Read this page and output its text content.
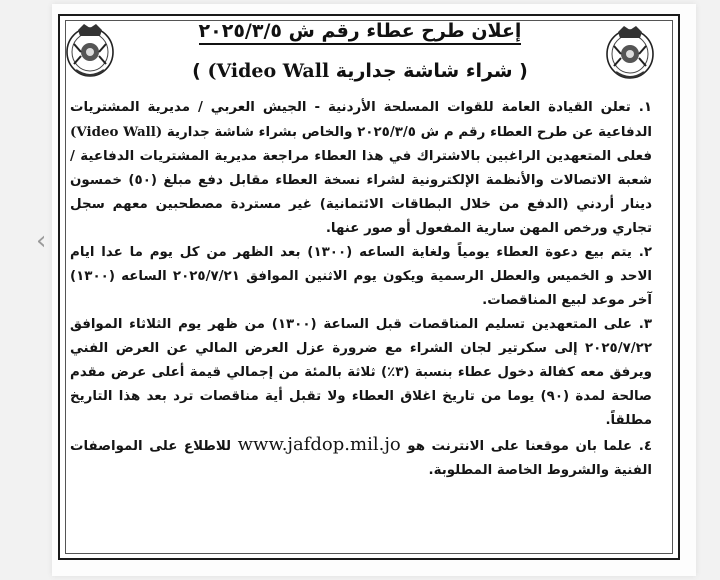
إعلان طرح عطاء رقم ش ٢٠٢٥/٣/٥
( شراء شاشة جدارية (Video Wall )

١. تعلن القيادة العامة للقوات المسلحة الأردنية - الجيش العربي / مديرية المشتريات الدفاعية عن طرح العطاء رقم م ش ٢٠٢٥/٣/٥ والخاص بشراء شاشة جدارية (Video Wall) فعلى المتعهدين الراغبين بالاشتراك في هذا العطاء مراجعة مديرية المشتريات الدفاعية / شعبة الاتصالات والأنظمة الإلكترونية لشراء نسخة العطاء مقابل دفع مبلغ (٥٠) خمسون دينار أردني (الدفع من خلال البطاقات الائتمانية) غير مستردة مصطحبين معهم سجل تجاري ورخص المهن سارية المفعول أو صور عنها.

٢. يتم بيع دعوة العطاء يومياً ولغاية الساعه (١٣٠٠) بعد الظهر من كل يوم ما عدا ايام الاحد و الخميس والعطل الرسمية ويكون يوم الاثنين الموافق ٢٠٢٥/٧/٢١ الساعه (١٣٠٠) آخر موعد لبيع المناقصات.

٣. على المتعهدين تسليم المناقصات قبل الساعة (١٣٠٠) من ظهر يوم الثلاثاء الموافق ٢٠٢٥/٧/٢٢ إلى سكرتير لجان الشراء مع ضرورة عزل العرض المالي عن العرض الفني ويرفق معه كفالة دخول عطاء بنسبة (٣٪) ثلاثة بالمئة من إجمالي قيمة أعلى عرض مقدم صالحة لمدة (٩٠) يوما من تاريخ اغلاق العطاء ولا تقبل أية مناقصات ترد بعد هذا التاريخ مطلقاً.

٤. علما بان موقعنا على الانترنت هو www.jafdop.mil.jo للاطلاع على المواصفات الفنية والشروط الخاصة المطلوبة.

‹
